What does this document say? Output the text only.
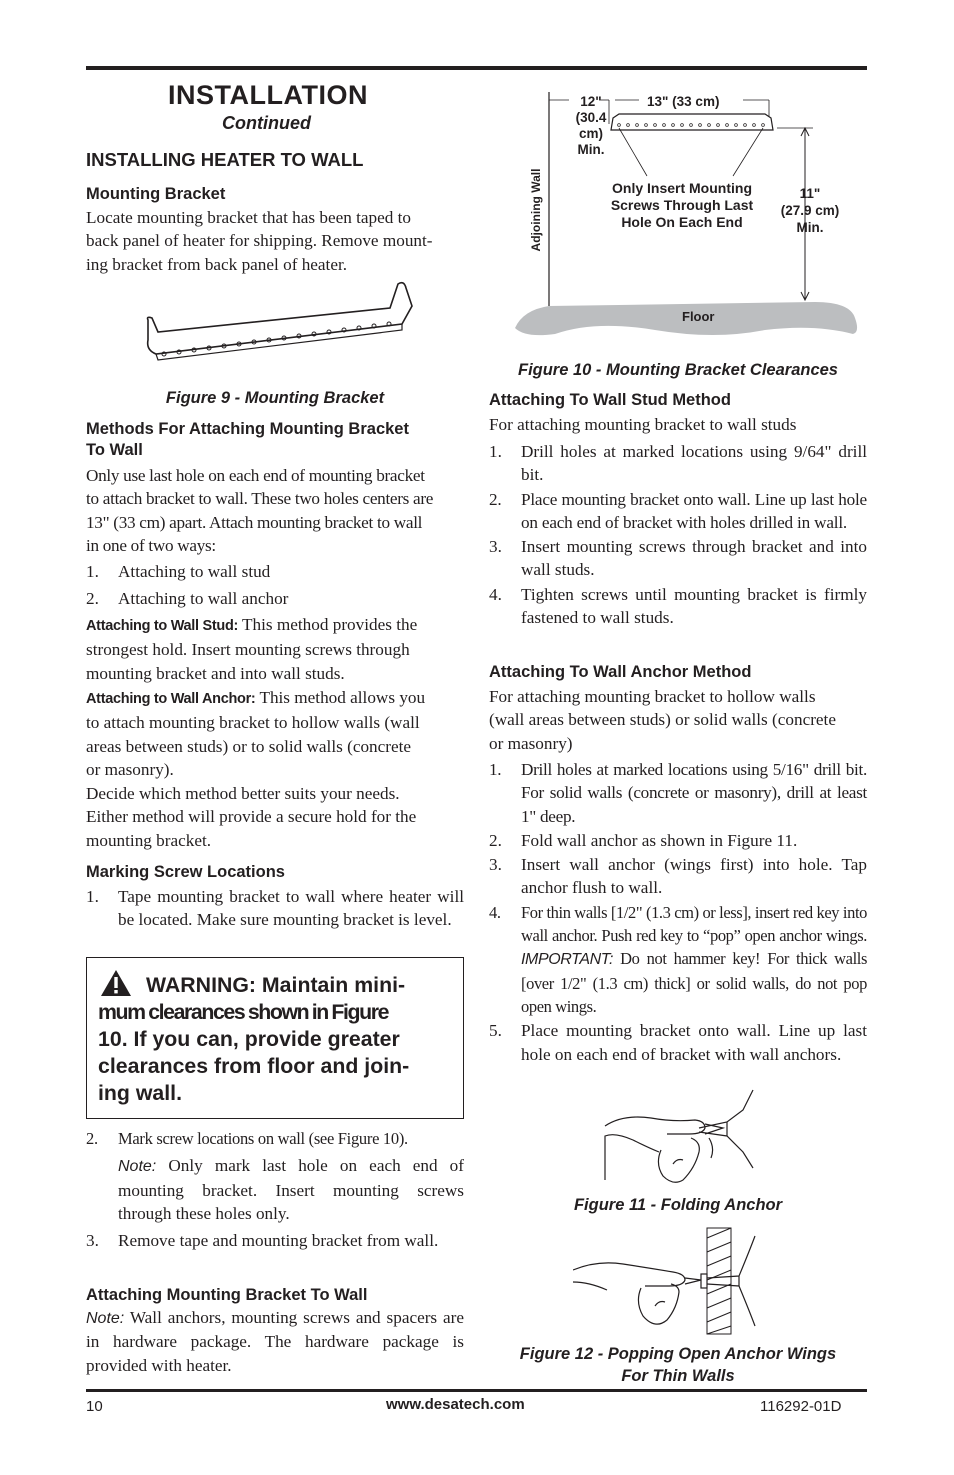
INSTALLATION
Continued
INSTALLING HEATER TO WALL
Mounting Bracket
Locate mounting bracket that has been taped to
back panel of heater for shipping. Remove mount-
ing bracket from back panel of heater.
Figure 9 - Mounting Bracket
Methods For Attaching Mounting Bracket
To Wall
Only use last hole on each end of mounting bracket
to attach bracket to wall. These two holes centers are
13" (33 cm) apart. Attach mounting bracket to wall
in one of two ways:
1. Attaching to wall stud
2. Attaching to wall anchor
Attaching to Wall Stud: This method provides the
strongest hold. Insert mounting screws through
mounting bracket and into wall studs.
Attaching to Wall Anchor: This method allows you
to attach mounting bracket to hollow walls (wall
areas between studs) or to solid walls (concrete
or masonry).
Decide which method better suits your needs.
Either method will provide a secure hold for the
mounting bracket.
Marking Screw Locations
1. Tape mounting bracket to wall where heater will be located. Make sure mounting bracket is level.
WARNING: Maintain mini-
mum clearances shown in Figure
10. If you can, provide greater
clearances from floor and join-
ing wall.
2. Mark screw locations on wall (see Figure 10).
Note: Only mark last hole on each end of mounting bracket. Insert mounting screws through these holes only.
3. Remove tape and mounting bracket from wall.
Attaching Mounting Bracket To Wall
Note: Wall anchors, mounting screws and spacers are in hardware package. The hardware package is provided with heater.
12"
(30.4
cm)
Min.
13" (33 cm)
Only Insert Mounting
Screws Through Last
Hole On Each End
11"
(27.9 cm)
Min.
Adjoining Wall
Floor
Figure 10 - Mounting Bracket Clearances
Attaching To Wall Stud Method
For attaching mounting bracket to wall studs
1. Drill holes at marked locations using 9/64" drill bit.
2. Place mounting bracket onto wall. Line up last hole on each end of bracket with holes drilled in wall.
3. Insert mounting screws through bracket and into wall studs.
4. Tighten screws until mounting bracket is firmly fastened to wall studs.
Attaching To Wall Anchor Method
For attaching mounting bracket to hollow walls
(wall areas between studs) or solid walls (concrete
or masonry)
1. Drill holes at marked locations using 5/16" drill bit. For solid walls (concrete or masonry), drill at least 1" deep.
2. Fold wall anchor as shown in Figure 11.
3. Insert wall anchor (wings first) into hole. Tap anchor flush to wall.
4. For thin walls [1/2" (1.3 cm) or less], insert red key into wall anchor. Push red key to “pop” open anchor wings. IMPORTANT: Do not hammer key! For thick walls [over 1/2" (1.3 cm) thick] or solid walls, do not pop open wings.
5. Place mounting bracket onto wall. Line up last hole on each end of bracket with wall anchors.
Figure 11 - Folding Anchor
Figure 12 - Popping Open Anchor Wings
For Thin Walls
10	www.desatech.com	116292-01D
